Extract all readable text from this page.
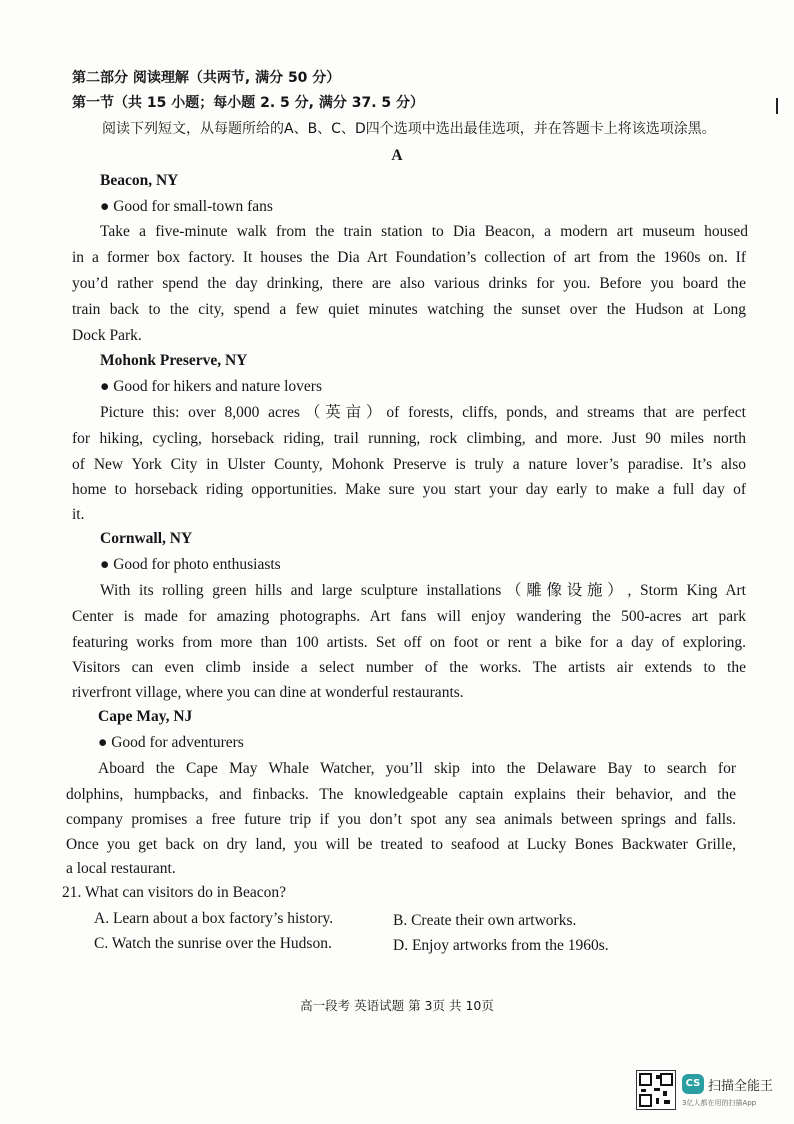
第二部分 阅读理解（共两节, 满分 50 分）
第一节（共 15 小题；每小题 2. 5 分, 满分 37. 5 分）
阅读下列短文，从每题所给的A、B、C、D四个选项中选出最佳选项，并在答题卡上将该选项涂黑。
A
Beacon, NY
● Good for small-town fans
Take a five-minute walk from the train station to Dia Beacon, a modern art museum housed
in a former box factory. It houses the Dia Art Foundation’s collection of art from the 1960s on. If
you’d rather spend the day drinking, there are also various drinks for you. Before you board the
train back to the city, spend a few quiet minutes watching the sunset over the Hudson at Long
Dock Park.
Mohonk Preserve, NY
● Good for hikers and nature lovers
Picture this: over 8,000 acres（英亩）of forests, cliffs, ponds, and streams that are perfect
for hiking, cycling, horseback riding, trail running, rock climbing, and more. Just 90 miles north
of New York City in Ulster County, Mohonk Preserve is truly a nature lover’s paradise. It’s also
home to horseback riding opportunities. Make sure you start your day early to make a full day of
it.
Cornwall, NY
● Good for photo enthusiasts
With its rolling green hills and large sculpture installations（雕像设施）, Storm King Art
Center is made for amazing photographs. Art fans will enjoy wandering the 500-acres art park
featuring works from more than 100 artists. Set off on foot or rent a bike for a day of exploring.
Visitors can even climb inside a select number of the works. The artists air extends to the
riverfront village, where you can dine at wonderful restaurants.
Cape May, NJ
● Good for adventurers
Aboard the Cape May Whale Watcher, you’ll skip into the Delaware Bay to search for
dolphins, humpbacks, and finbacks. The knowledgeable captain explains their behavior, and the
company promises a free future trip if you don’t spot any sea animals between springs and falls.
Once you get back on dry land, you will be treated to seafood at Lucky Bones Backwater Grille,
a local restaurant.
21. What can visitors do in Beacon?
A. Learn about a box factory’s history.	B. Create their own artworks.
C. Watch the sunrise over the Hudson.	D. Enjoy artworks from the 1960s.
高一段考 英语试题 第 3页 共 10页
CS 扫描全能王
3亿人都在用的扫描App
